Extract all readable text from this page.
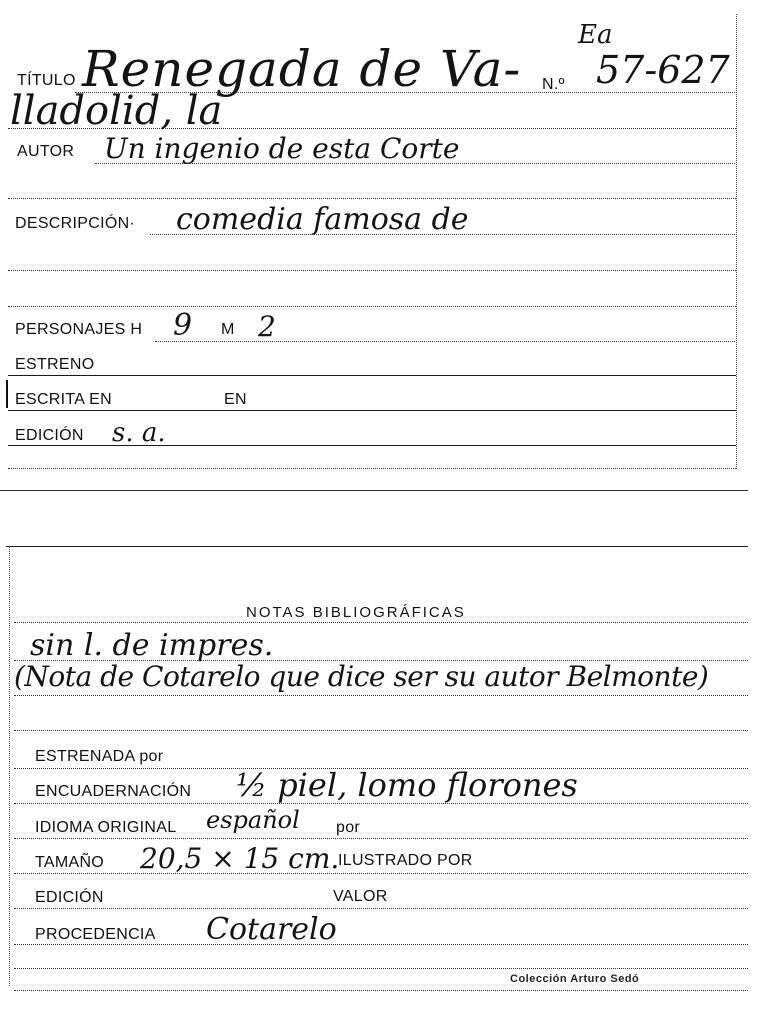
Ea
TÍTULO Renegada de Va- N.º 57-627
lladolid, la
AUTOR Un ingenio de esta Corte
DESCRIPCIÓN· comedia famosa de
PERSONAJES H 9 M 2
ESTRENO
ESCRITA EN	EN
EDICIÓN s. a.
NOTAS BIBLIOGRÁFICAS
sin l. de impres.
(Nota de Cotarelo que dice ser su autor Belmonte)
ESTRENADA por
ENCUADERNACIÓN ½ piel, lomo florones
IDIOMA ORIGINAL español por
TAMAÑO 20,5 × 15 cm.
ILUSTRADO POR
EDICIÓN	VALOR
PROCEDENCIA Cotarelo
Colección Arturo Sedó
